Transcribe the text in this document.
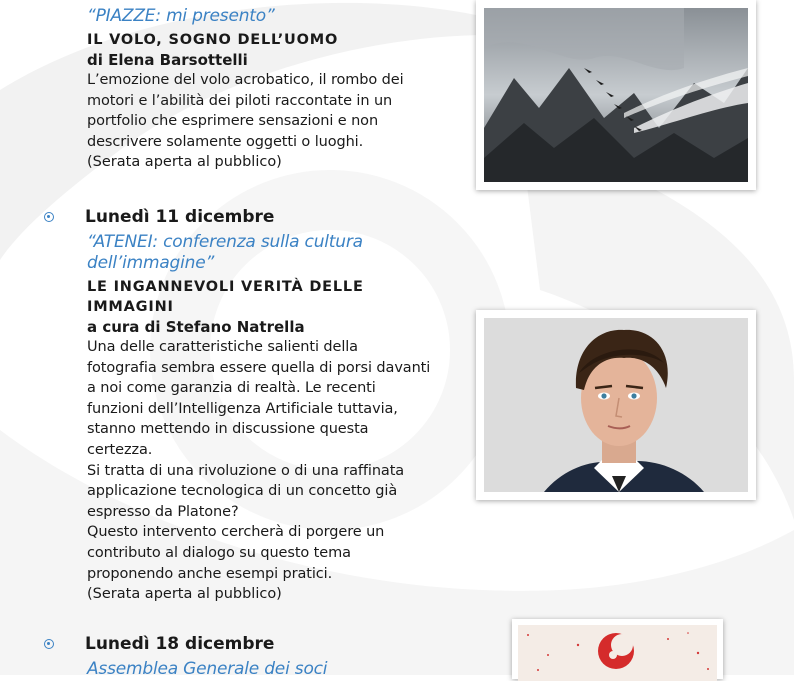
“PIAZZE: mi presento”

IL VOLO, SOGNO DELL’UOMO

di Elena Barsottelli

L’emozione del volo acrobatico, il rombo dei
motori e l’abilità dei piloti raccontate in un
portfolio che esprimere sensazioni e non
descrivere solamente oggetti o luoghi.

(Serata aperta al pubblico)

Lunedì 11 dicembre

“ATENEI: conferenza sulla cultura

dell’immagine”

LE INGANNEVOLI VERITÀ DELLE

IMMAGINI

a cura di Stefano Natrella

Una delle caratteristiche salienti della
fotografia sembra essere quella di porsi davanti
a noi come garanzia di realtà. Le recenti
funzioni dell’Intelligenza Artificiale tuttavia,
stanno mettendo in discussione questa
certezza.
Si tratta di una rivoluzione o di una raffinata
applicazione tecnologica di un concetto già
espresso da Platone?
Questo intervento cercherà di porgere un
contributo al dialogo su questo tema
proponendo anche esempi pratici.

(Serata aperta al pubblico)

Lunedì 18 dicembre

Assemblea Generale dei soci
